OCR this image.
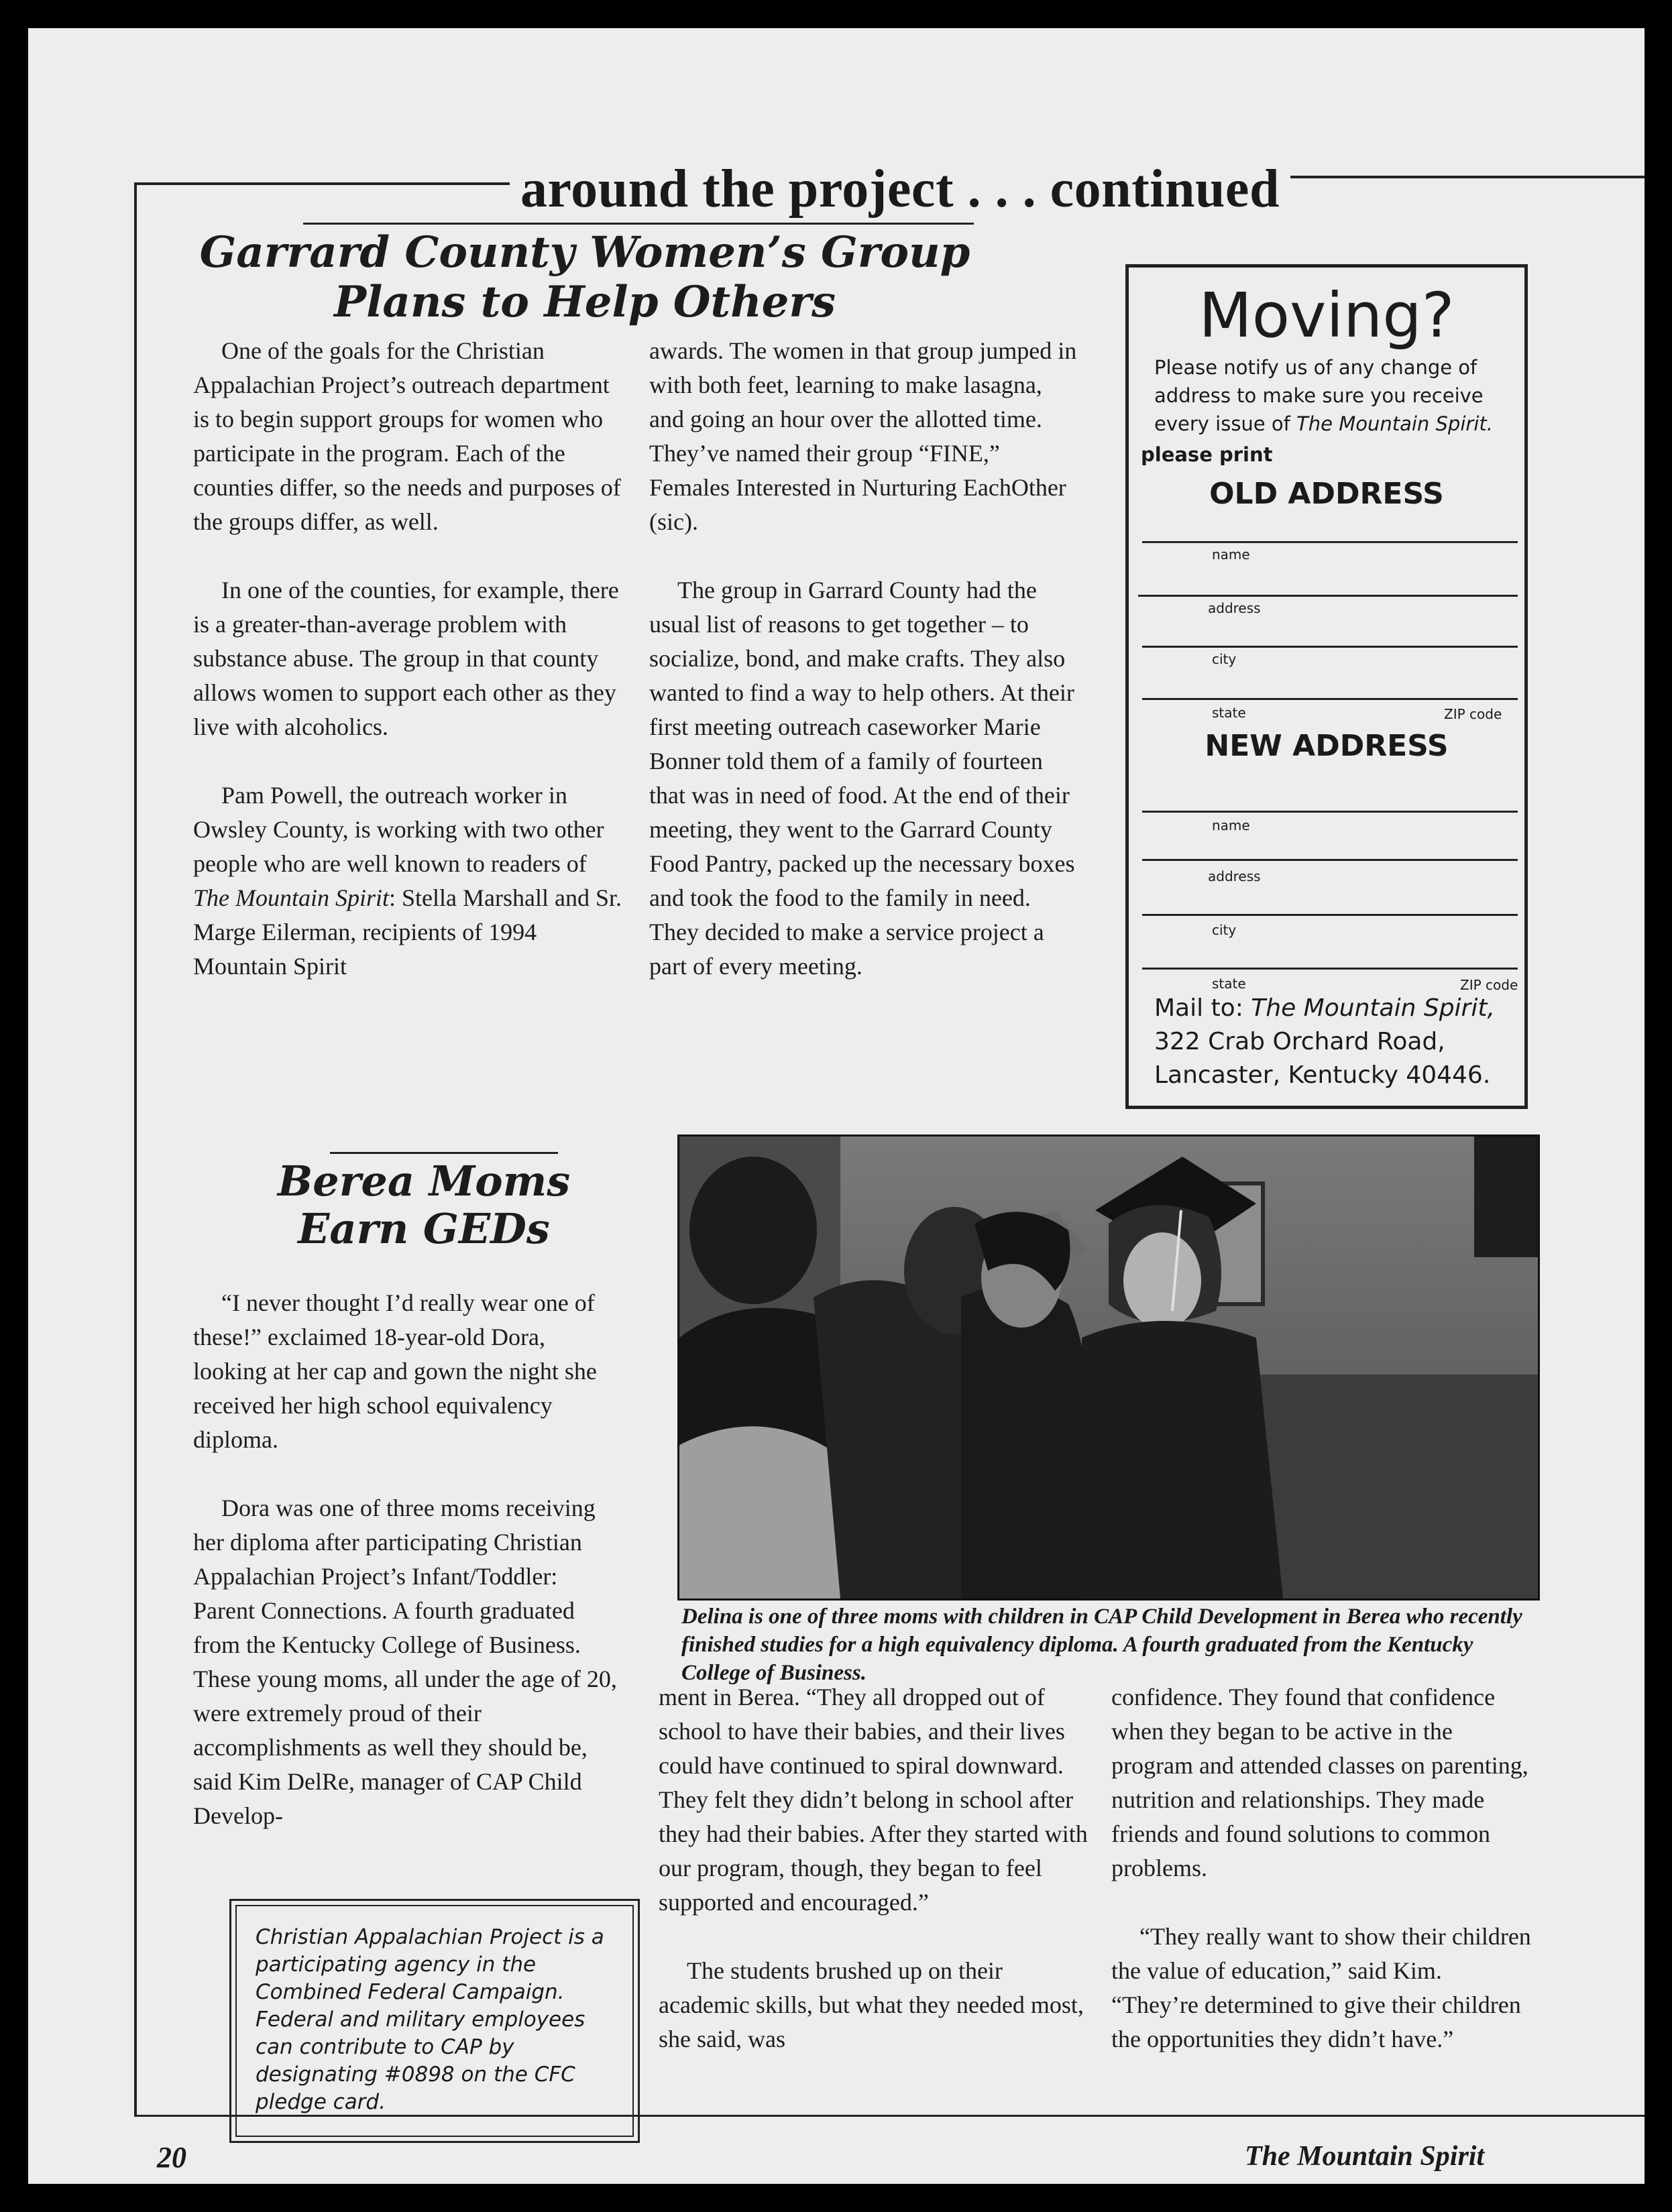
around the project . . . continued
Garrard County Women’s Group
Plans to Help Others

One of the goals for the Christian Appalachian Project’s outreach department is to begin support groups for women who participate in the program. Each of the counties differ, so the needs and purposes of the groups differ, as well.

In one of the counties, for example, there is a greater-than-average problem with substance abuse. The group in that county allows women to support each other as they live with alcoholics.

Pam Powell, the outreach worker in Owsley County, is working with two other people who are well known to readers of The Mountain Spirit: Stella Marshall and Sr. Marge Eilerman, recipients of 1994 Mountain Spirit

awards. The women in that group jumped in with both feet, learning to make lasagna, and going an hour over the allotted time. They’ve named their group “FINE,” Females Interested in Nurturing EachOther (sic).

The group in Garrard County had the usual list of reasons to get together – to socialize, bond, and make crafts. They also wanted to find a way to help others. At their first meeting outreach caseworker Marie Bonner told them of a family of fourteen that was in need of food. At the end of their meeting, they went to the Garrard County Food Pantry, packed up the necessary boxes and took the food to the family in need. They decided to make a service project a part of every meeting.

Moving?
Please notify us of any change of address to make sure you receive every issue of The Mountain Spirit.
please print
OLD ADDRESS
name
address
city
state	ZIP code
NEW ADDRESS
name
address
city
state	ZIP code
Mail to: The Mountain Spirit,
322 Crab Orchard Road,
Lancaster, Kentucky 40446.
Berea Moms
Earn GEDs

“I never thought I’d really wear one of these!” exclaimed 18-year-old Dora, looking at her cap and gown the night she received her high school equivalency diploma.

Dora was one of three moms receiving her diploma after participating Christian Appalachian Project’s Infant/Toddler: Parent Connections. A fourth graduated from the Kentucky College of Business. These young moms, all under the age of 20, were extremely proud of their accomplishments as well they should be, said Kim DelRe, manager of CAP Child Develop-

Delina is one of three moms with children in CAP Child Development in Berea who recently finished studies for a high equivalency diploma. A fourth graduated from the Kentucky College of Business.

ment in Berea. “They all dropped out of school to have their babies, and their lives could have continued to spiral downward. They felt they didn’t belong in school after they had their babies. After they started with our program, though, they began to feel supported and encouraged.”

The students brushed up on their academic skills, but what they needed most, she said, was

confidence. They found that confidence when they began to be active in the program and attended classes on parenting, nutrition and relationships. They made friends and found solutions to common problems.

“They really want to show their children the value of education,” said Kim. “They’re determined to give their children the opportunities they didn’t have.”

Christian Appalachian Project is a participating agency in the Combined Federal Campaign. Federal and military employees can contribute to CAP by designating #0898 on the CFC pledge card.
20	The Mountain Spirit
